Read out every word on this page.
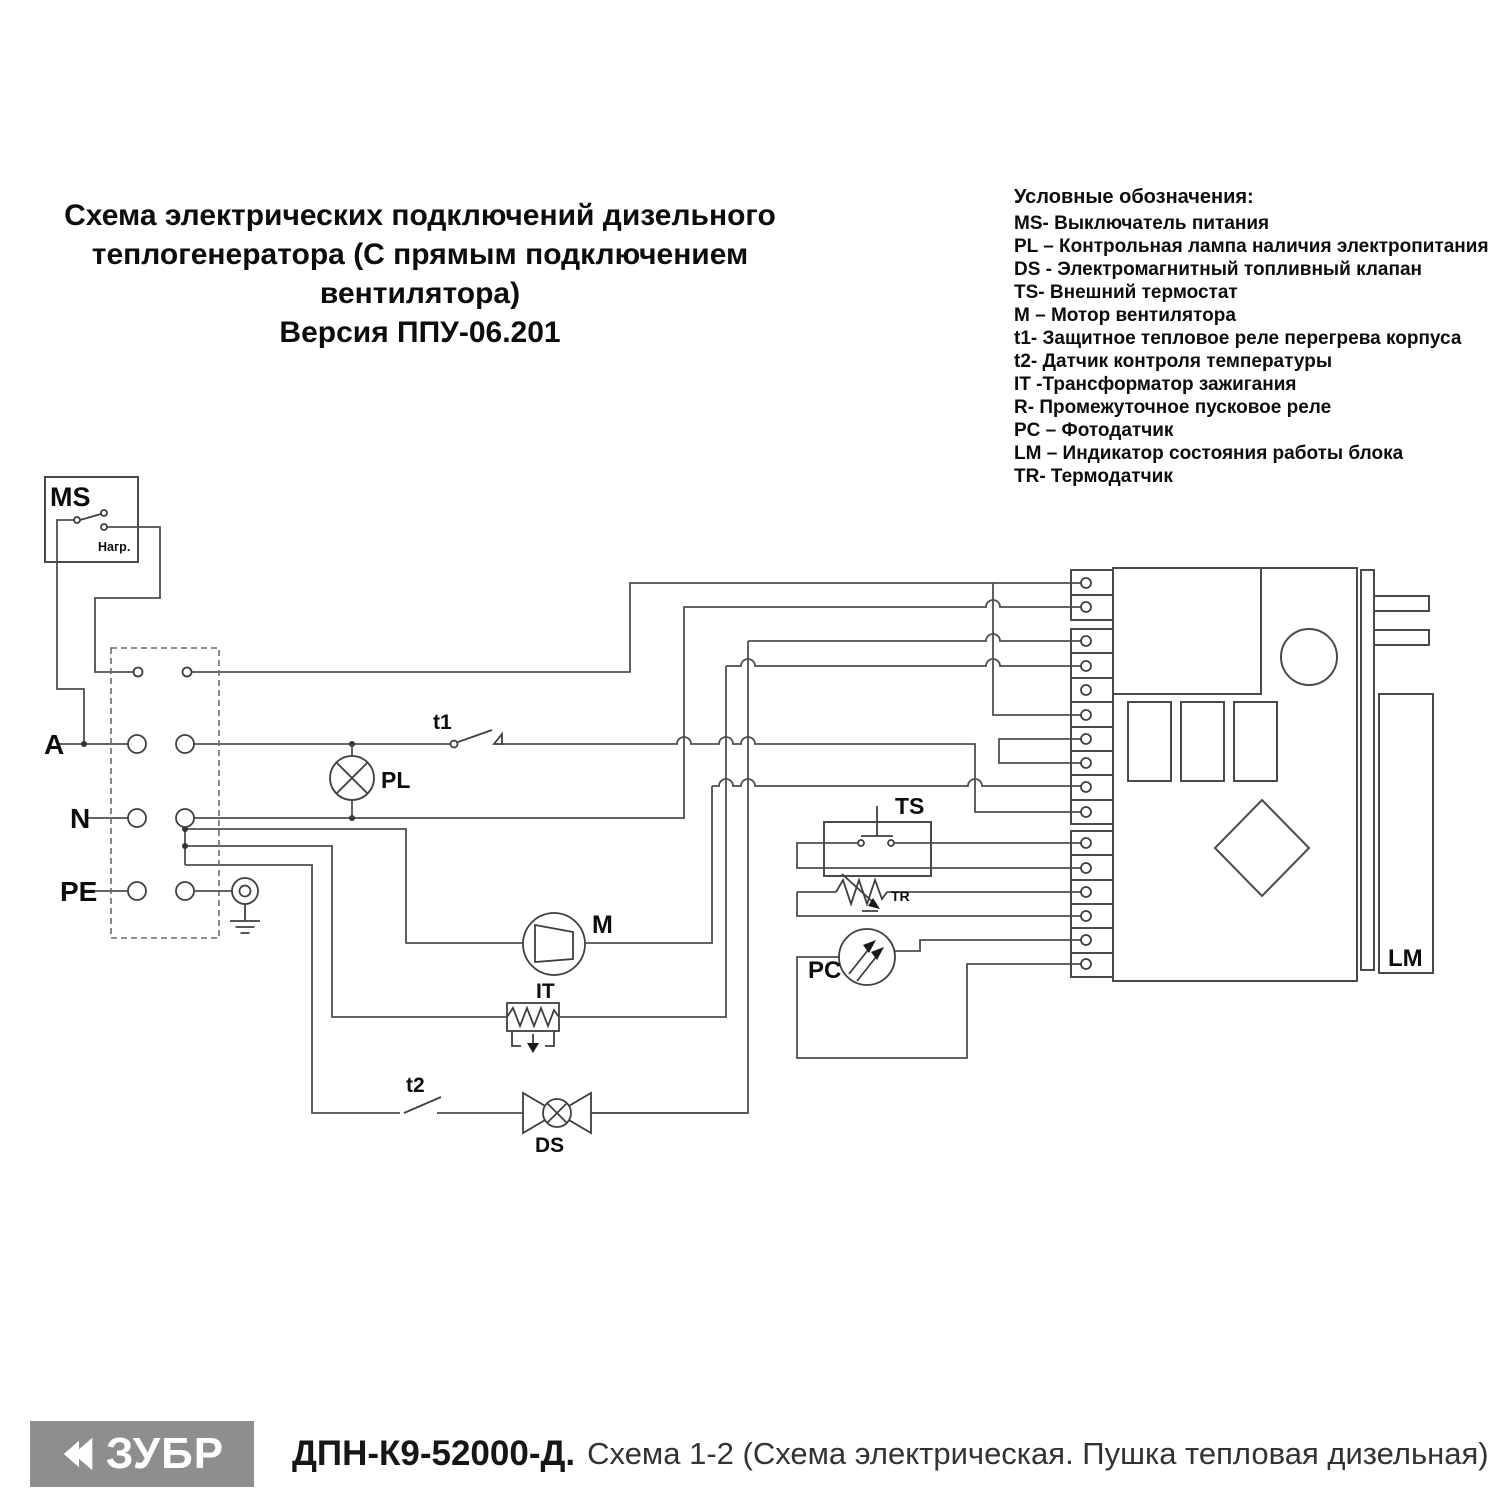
Схема электрических подключений дизельного
теплогенератора (С прямым подключением
вентилятора)
Версия ППУ-06.201
Условные обозначения:
MS- Выключатель питания
PL – Контрольная лампа наличия электропитания
DS - Электромагнитный топливный клапан
TS- Внешний термостат
M – Мотор вентилятора
t1- Защитное тепловое реле перегрева корпуса
t2- Датчик контроля температуры
IT -Трансформатор зажигания
R- Промежуточное пусковое реле
PC – Фотодатчик
LM – Индикатор состояния работы блока
TR- Термодатчик
MS
Нагр.
A
N
PE
PL
t1
M
IT
t2
DS
TS
TR
PC	LM
ЗУБР ДПН-К9-52000-Д. Схема 1-2 (Схема электрическая. Пушка тепловая дизельная)
